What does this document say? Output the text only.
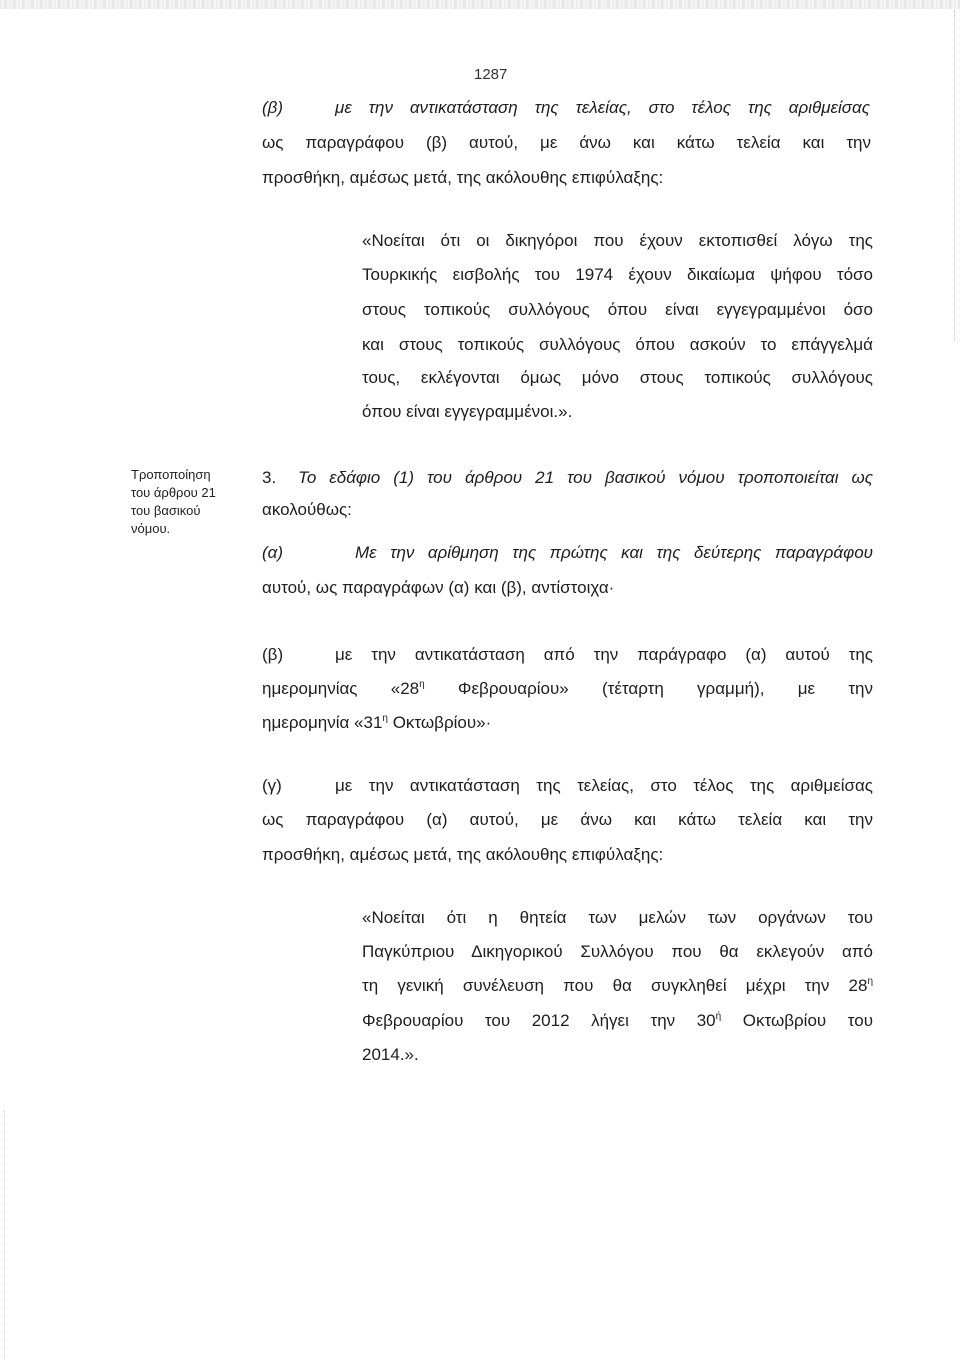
1287
(β)	με την αντικατάσταση της τελείας, στο τέλος της αριθμείσας
ως παραγράφου (β) αυτού, με άνω και κάτω τελεία και την
προσθήκη, αμέσως μετά, της ακόλουθης επιφύλαξης:
«Νοείται ότι οι δικηγόροι που έχουν εκτοπισθεί λόγω της
Τουρκικής εισβολής του 1974 έχουν δικαίωμα ψήφου τόσο
στους τοπικούς συλλόγους όπου είναι εγγεγραμμένοι όσο
και στους τοπικούς συλλόγους όπου ασκούν το επάγγελμά
τους, εκλέγονται όμως μόνο στους τοπικούς συλλόγους
όπου είναι εγγεγραμμένοι.».
Τροποποίηση
του άρθρου 21
του βασικού
νόμου.
3. Το εδάφιο (1) του άρθρου 21 του βασικού νόμου τροποποιείται ως
ακολούθως:
(α)	Με την αρίθμηση της πρώτης και της δεύτερης παραγράφου
αυτού, ως παραγράφων (α) και (β), αντίστοιχα·
(β)	με την αντικατάσταση από την παράγραφο (α) αυτού της
ημερομηνίας «$28^\eta$ Φεβρουαρίου» (τέταρτη γραμμή), με την
ημερομηνία «$31^\eta$ Οκτωβρίου»·
(γ)	με την αντικατάσταση της τελείας, στο τέλος της αριθμείσας
ως παραγράφου (α) αυτού, με άνω και κάτω τελεία και την
προσθήκη, αμέσως μετά, της ακόλουθης επιφύλαξης:
«Νοείται ότι η θητεία των μελών των οργάνων του
Παγκύπριου Δικηγορικού Συλλόγου που θα εκλεγούν από
τη γενική συνέλευση που θα συγκληθεί μέχρι την $28^\eta$
Φεβρουαρίου του 2012 λήγει την $30^ή$ Οκτωβρίου του
2014.».
